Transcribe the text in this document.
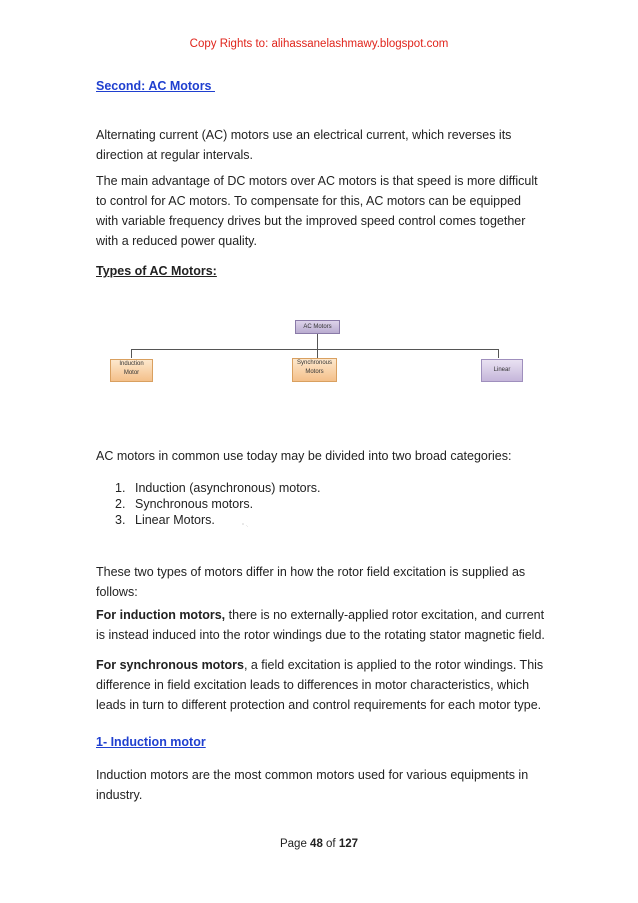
Copy Rights to: alihassanelashmawy.blogspot.com
Second: AC Motors
Alternating current (AC) motors use an electrical current, which reverses its direction at regular intervals.
The main advantage of DC motors over AC motors is that speed is more difficult to control for AC motors. To compensate for this, AC motors can be equipped with variable frequency drives but the improved speed control comes together with a reduced power quality.
Types of AC Motors:
AC Motors
Induction
Motor
Synchronous
Motors	Linear
AC motors in common use today may be divided into two broad categories:
1. Induction (asynchronous) motors.
2. Synchronous motors.
3. Linear Motors.	° ·.
These two types of motors differ in how the rotor field excitation is supplied as follows:
For induction motors, there is no externally-applied rotor excitation, and current is instead induced into the rotor windings due to the rotating stator magnetic field.
For synchronous motors, a field excitation is applied to the rotor windings. This difference in field excitation leads to differences in motor characteristics, which leads in turn to different protection and control requirements for each motor type.
1- Induction motor
Induction motors are the most common motors used for various equipments in industry.
Page 48 of 127
